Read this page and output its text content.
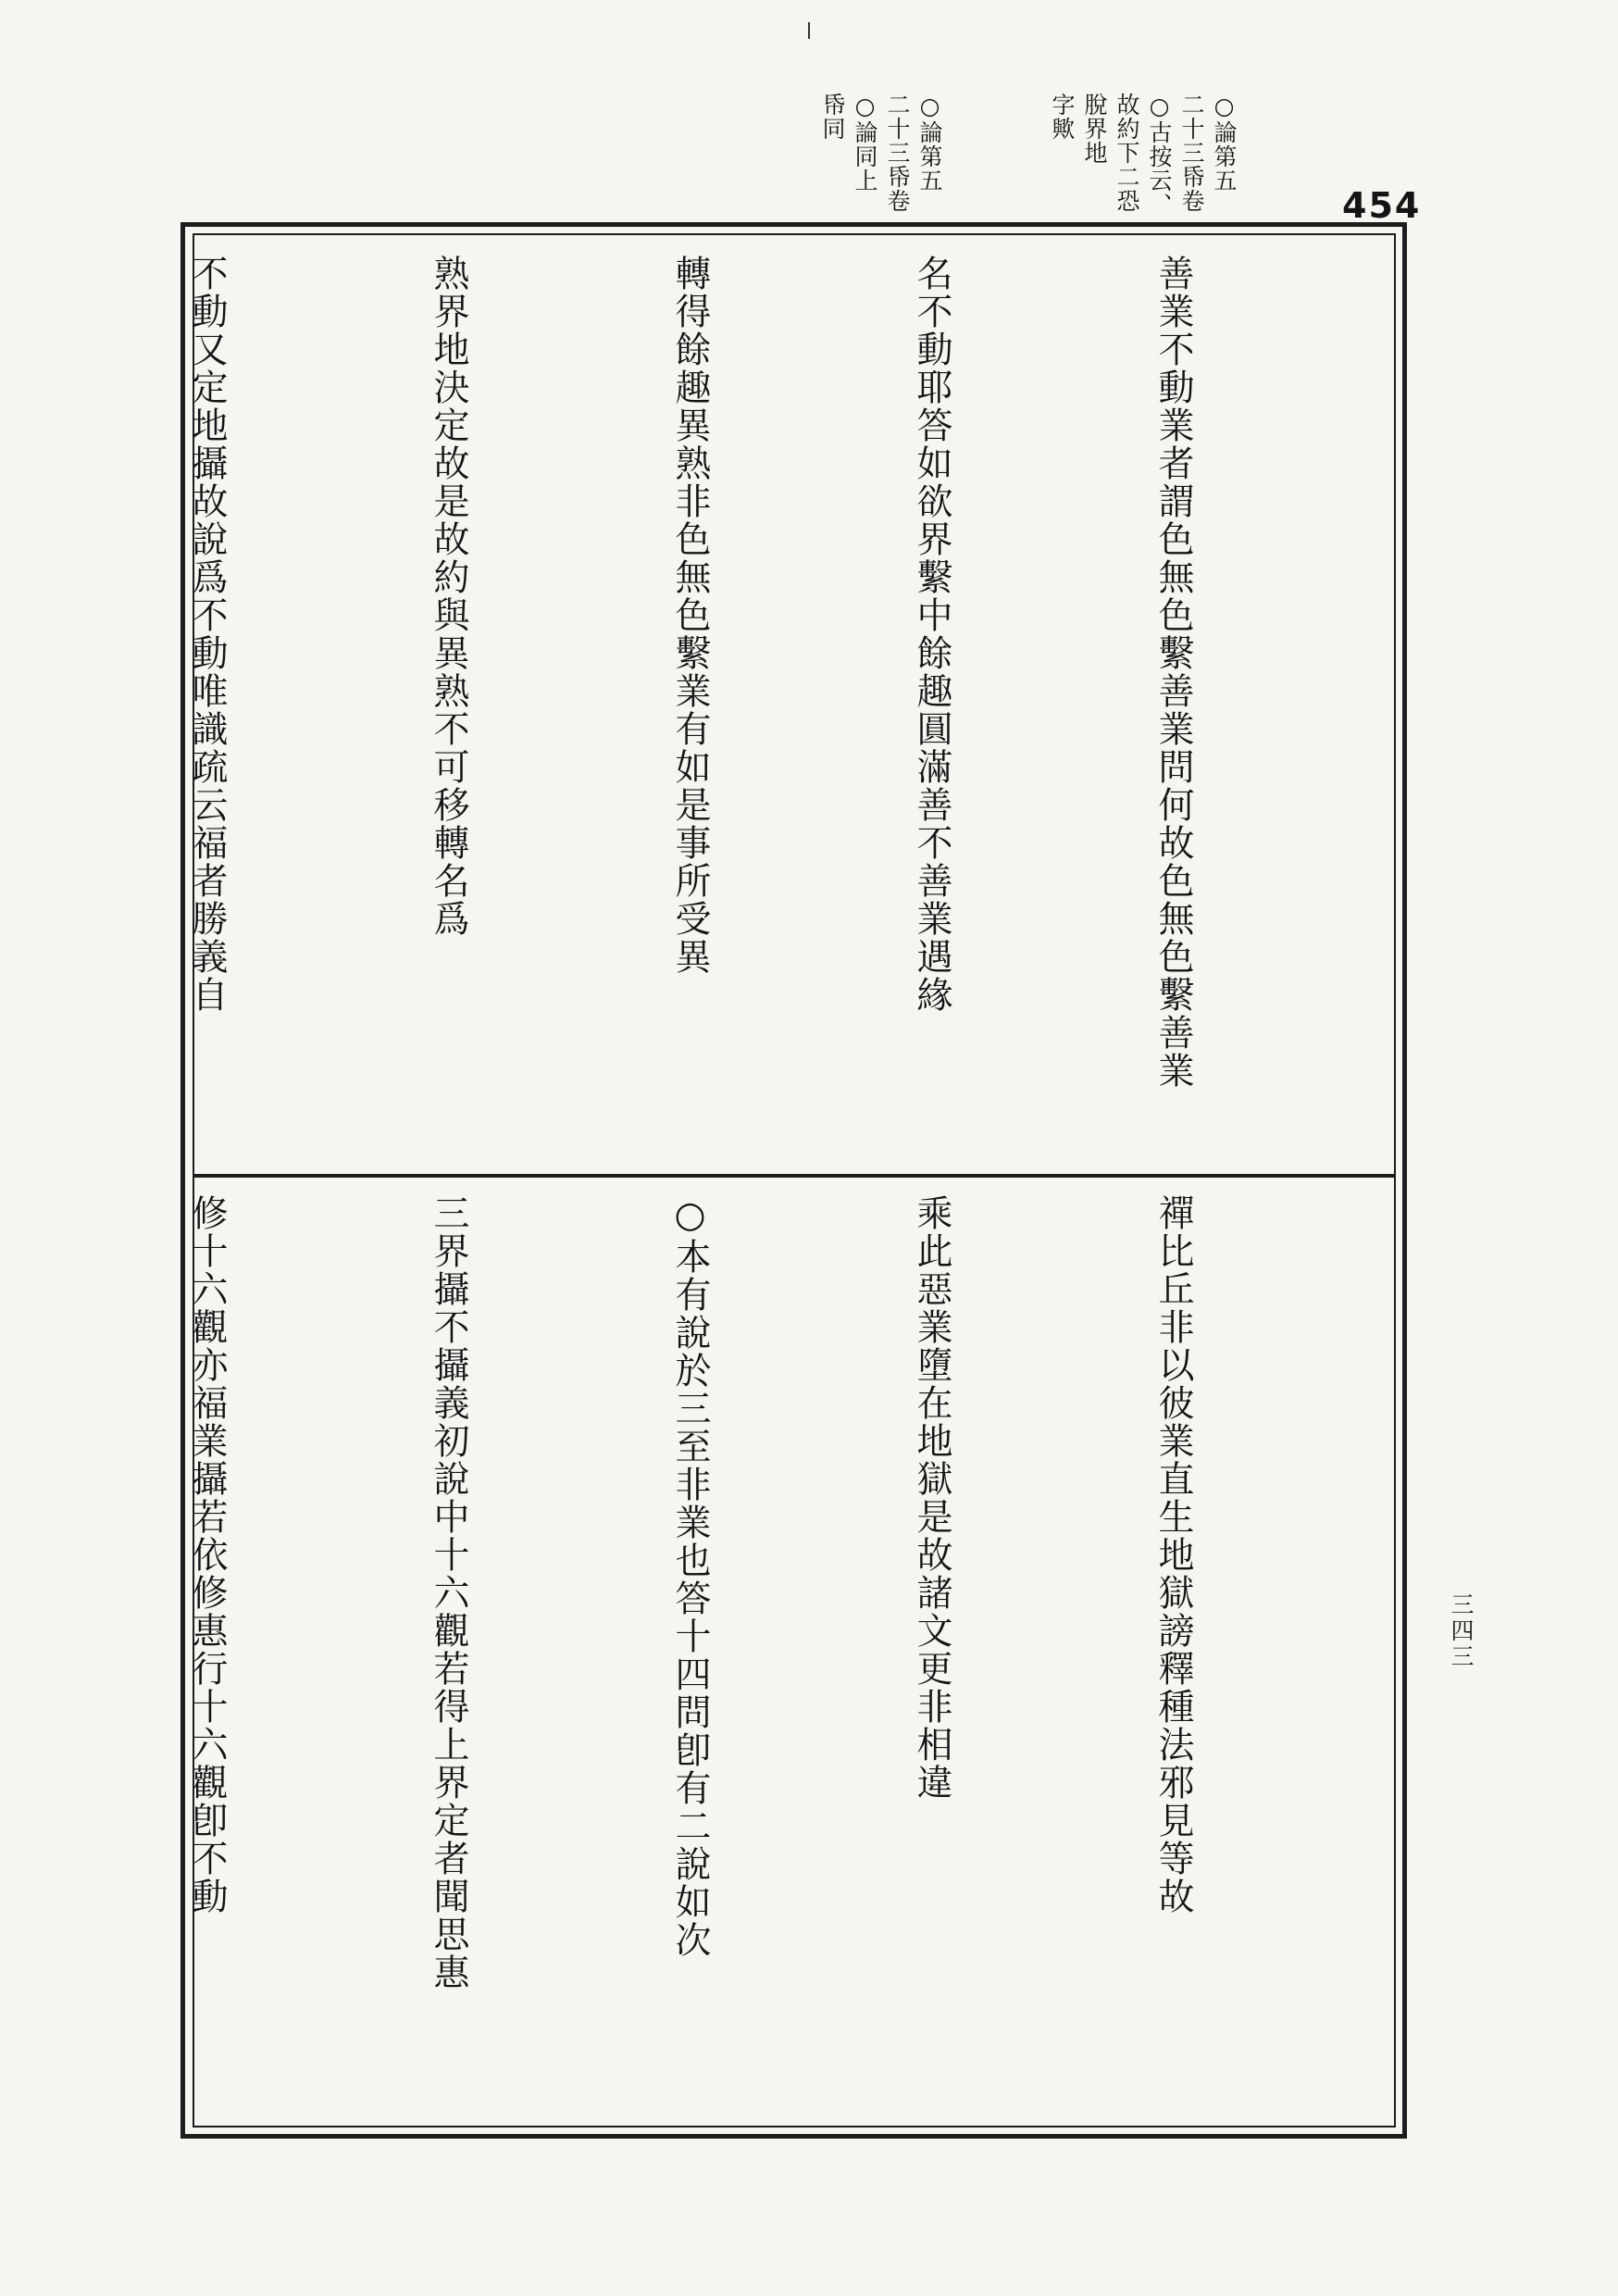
○論第五
二十三帋卷
○古按云、
故約下二恐
脫界地
字歟
○論第五
二十三帋卷
○論同上
帋同
454

善業不動業者謂色無色繫善業問何故色無色繫善業

名不動耶答如欲界繫中餘趣圓滿善不善業遇緣

轉得餘趣異熟非色無色繫業有如是事所受異

熟界地決定故是故約與異熟不可移轉名爲

不動又定地攝故說爲不動唯識疏云福者勝義自

禪比丘非以彼業直生地獄謗釋種法邪見等故

乘此惡業墮在地獄是故諸文更非相違

○本有說於三至非業也答十四問卽有二說如次

三界攝不攝義初說中十六觀若得上界定者聞思惠

修十六觀亦福業攝若依修惠行十六觀卽不動

	三四三
